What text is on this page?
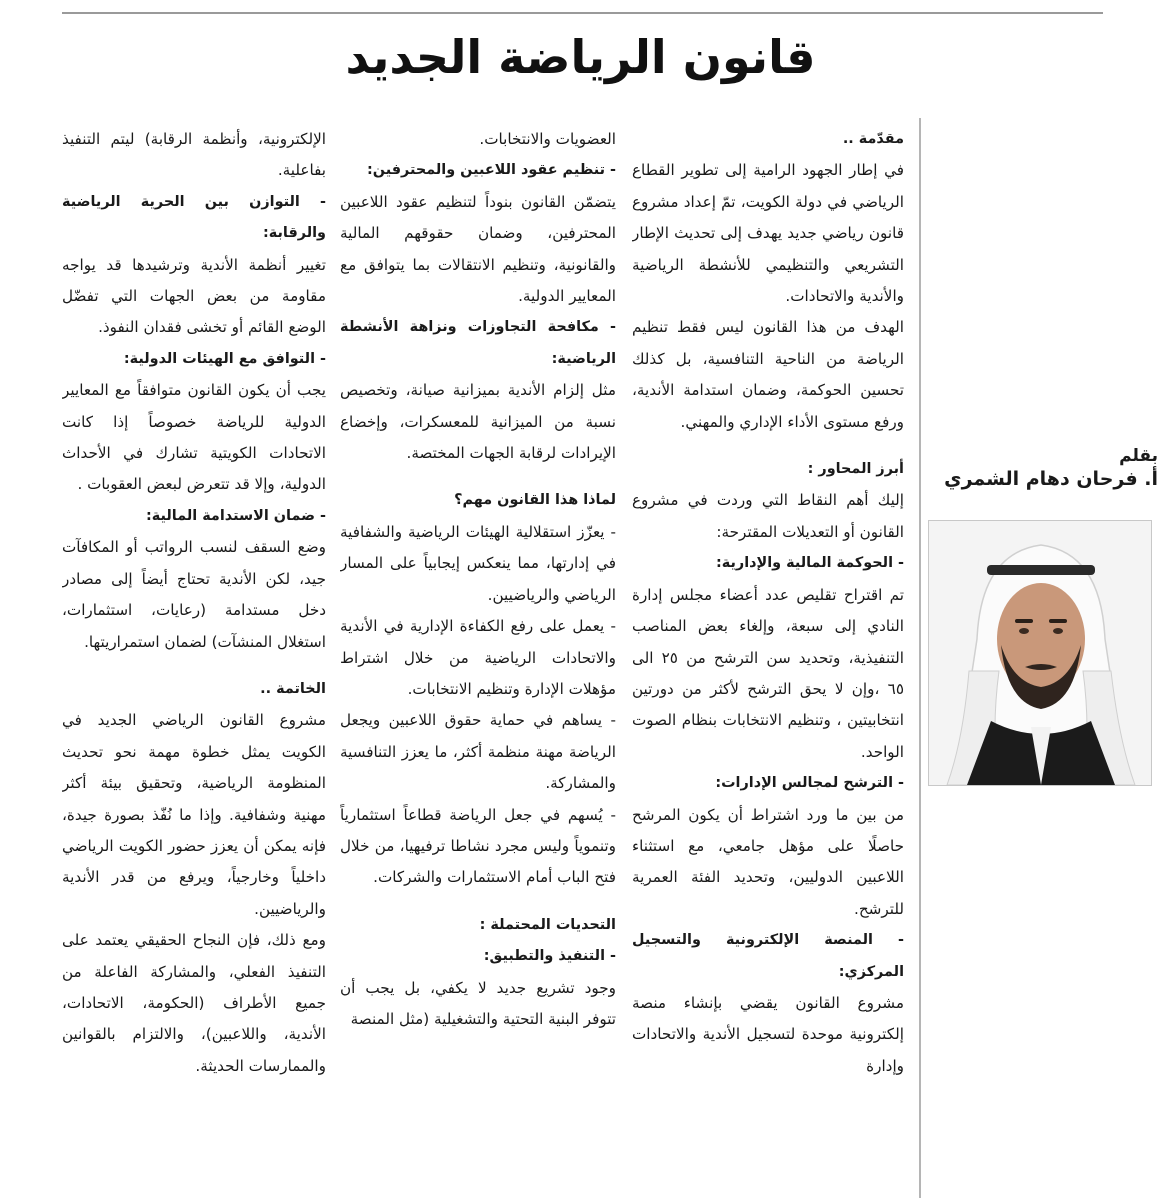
قانون الرياضة الجديد
بقلم
أ. فرحان دهام الشمري
مقدّمة ..

في إطار الجهود الرامية إلى تطوير القطاع الرياضي في دولة الكويت، تمّ إعداد مشروع قانون رياضي جديد يهدف إلى تحديث الإطار التشريعي والتنظيمي للأنشطة الرياضية والأندية والاتحادات.

الهدف من هذا القانون ليس فقط تنظيم الرياضة من الناحية التنافسية، بل كذلك تحسين الحوكمة، وضمان استدامة الأندية، ورفع مستوى الأداء الإداري والمهني.

أبرز المحاور :

إليك أهم النقاط التي وردت في مشروع القانون أو التعديلات المقترحة:

- الحوكمة المالية والإدارية:

تم اقتراح تقليص عدد أعضاء مجلس إدارة النادي إلى سبعة، وإلغاء بعض المناصب التنفيذية، وتحديد سن الترشح من ٢٥ الى ٦٥ ،وإن لا يحق الترشح لأكثر من دورتين انتخابيتين ، وتنظيم الانتخابات بنظام الصوت الواحد.

- الترشح لمجالس الإدارات:

من بين ما ورد اشتراط أن يكون المرشح حاصلًا على مؤهل جامعي، مع استثناء اللاعبين الدوليين، وتحديد الفئة العمرية للترشح.

- المنصة الإلكترونية والتسجيل المركزي:

مشروع القانون يقضي بإنشاء منصة إلكترونية موحدة لتسجيل الأندية والاتحادات وإدارة

العضويات والانتخابات.

- تنظيم عقود اللاعبين والمحترفين:

يتضمّن القانون بنوداً لتنظيم عقود اللاعبين المحترفين، وضمان حقوقهم المالية والقانونية، وتنظيم الانتقالات بما يتوافق مع المعايير الدولية.

- مكافحة التجاوزات ونزاهة الأنشطة الرياضية:

مثل إلزام الأندية بميزانية صيانة، وتخصيص نسبة من الميزانية للمعسكرات، وإخضاع الإيرادات لرقابة الجهات المختصة.

لماذا هذا القانون مهم؟

- يعزّز استقلالية الهيئات الرياضية والشفافية في إدارتها، مما ينعكس إيجابياً على المسار الرياضي والرياضيين.

- يعمل على رفع الكفاءة الإدارية في الأندية والاتحادات الرياضية من خلال اشتراط مؤهلات الإدارة وتنظيم الانتخابات.

- يساهم في حماية حقوق اللاعبين ويجعل الرياضة مهنة منظمة أكثر، ما يعزز التنافسية والمشاركة.

- يُسهم في جعل الرياضة قطاعاً استثمارياً وتنموياً وليس مجرد نشاطا ترفيهيا، من خلال فتح الباب أمام الاستثمارات والشركات.

التحديات المحتملة :
- التنفيذ والتطبيق:

وجود تشريع جديد لا يكفي، بل يجب أن تتوفر البنية التحتية والتشغيلية (مثل المنصة

الإلكترونية، وأنظمة الرقابة) ليتم التنفيذ بفاعلية.

- التوازن بين الحرية الرياضية والرقابة:

تغيير أنظمة الأندية وترشيدها قد يواجه مقاومة من بعض الجهات التي تفضّل الوضع القائم أو تخشى فقدان النفوذ.

- التوافق مع الهيئات الدولية:

يجب أن يكون القانون متوافقاً مع المعايير الدولية للرياضة خصوصاً إذا كانت الاتحادات الكويتية تشارك في الأحداث الدولية، وإلا قد تتعرض لبعض العقوبات .

- ضمان الاستدامة المالية:

وضع السقف لنسب الرواتب أو المكافآت جيد، لكن الأندية تحتاج أيضاً إلى مصادر دخل مستدامة (رعايات، استثمارات، استغلال المنشآت) لضمان استمراريتها.

الخاتمة ..

مشروع القانون الرياضي الجديد في الكويت يمثل خطوة مهمة نحو تحديث المنظومة الرياضية، وتحقيق بيئة أكثر مهنية وشفافية. وإذا ما نُفّذ بصورة جيدة، فإنه يمكن أن يعزز حضور الكويت الرياضي داخلياً وخارجياً، ويرفع من قدر الأندية والرياضيين.

ومع ذلك، فإن النجاح الحقيقي يعتمد على التنفيذ الفعلي، والمشاركة الفاعلة من جميع الأطراف (الحكومة، الاتحادات، الأندية، واللاعبين)، والالتزام بالقوانين والممارسات الحديثة.
